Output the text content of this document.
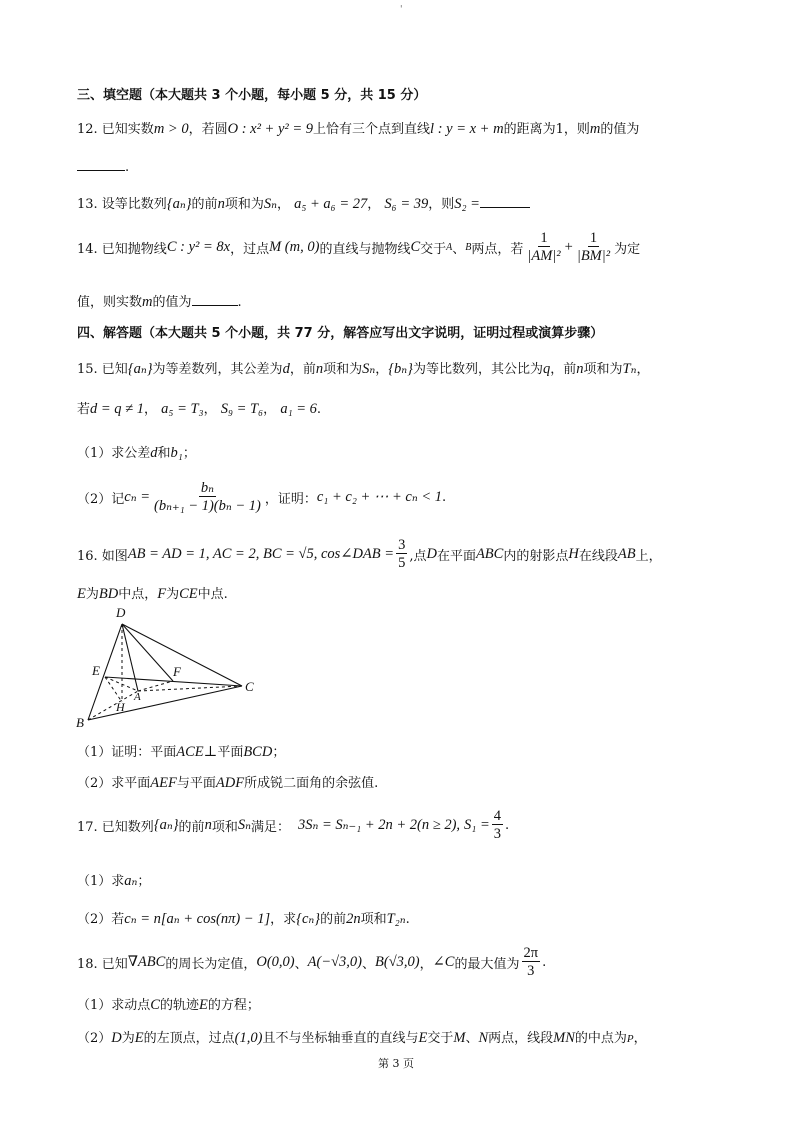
'
三、填空题（本大题共 3 个小题，每小题 5 分，共 15 分）
12. 已知实数m > 0，若圆O : x² + y² = 9上恰有三个点到直线l : y = x + m的距离为1，则m的值为
.
13. 设等比数列{aₙ}的前n项和为Sₙ， a₅ + a₆ = 27， S₆ = 39，则S₂ =
14. 已知抛物线 C : y² = 8x ，过点 M (m, 0) 的直线与抛物线 C 交于 A 、 B 两点，若 $\frac{1}{\text{|AM|²}} + \frac{1}{\text{|BM|²}}$ 为定
值，则实数m的值为	.
四、解答题（本大题共 5 个小题，共 77 分，解答应写出文字说明，证明过程或演算步骤）
15. 已知{aₙ}为等差数列，其公差为d，前n项和为Sₙ，{bₙ}为等比数列，其公比为q，前n项和为Tₙ，
若d = q ≠ 1， a₅ = T₃， S₉ = T₆， a₁ = 6.
（1）求公差d和b₁；
（2）记 $c_n = \frac{\text{bₙ}}{\text{(bₙ₊₁ − 1)(bₙ − 1)}}$ ，证明： c₁ + c₂ + ⋯ + cₙ < 1 .
16. 如图 AB = AD = 1, AC = 2, BC = √5, cos∠DAB = $\frac{3}{5}$ ,点 D 在平面 ABC 内的射影点 H 在线段 AB 上，
E为BD中点，F为CE中点.
D
E	F
C
A
H
B
（1）证明：平面ACE⊥平面BCD；
（2）求平面AEF与平面ADF所成锐二面角的余弦值.
17. 已知数列 {aₙ} 的前 n 项和 Sₙ 满足： 3Sₙ = Sₙ₋₁ + 2n + 2(n ≥ 2), $S_1 = \frac{4}{3}$ .
（1）求aₙ；
（2）若cₙ = n[aₙ + cos(nπ) − 1]，求{cₙ}的前2n项和T₂ₙ.
18. 已知 ∇ABC 的周长为定值， O(0,0) 、 A(−√3,0) 、 B(√3,0) ， ∠C 的最大值为 $\frac{2\pi}{3}$ .
（1）求动点C的轨迹E的方程；
（2）D为E的左顶点，过点(1,0)且不与坐标轴垂直的直线与E交于M、N两点，线段MN的中点为P，
第 3 页
